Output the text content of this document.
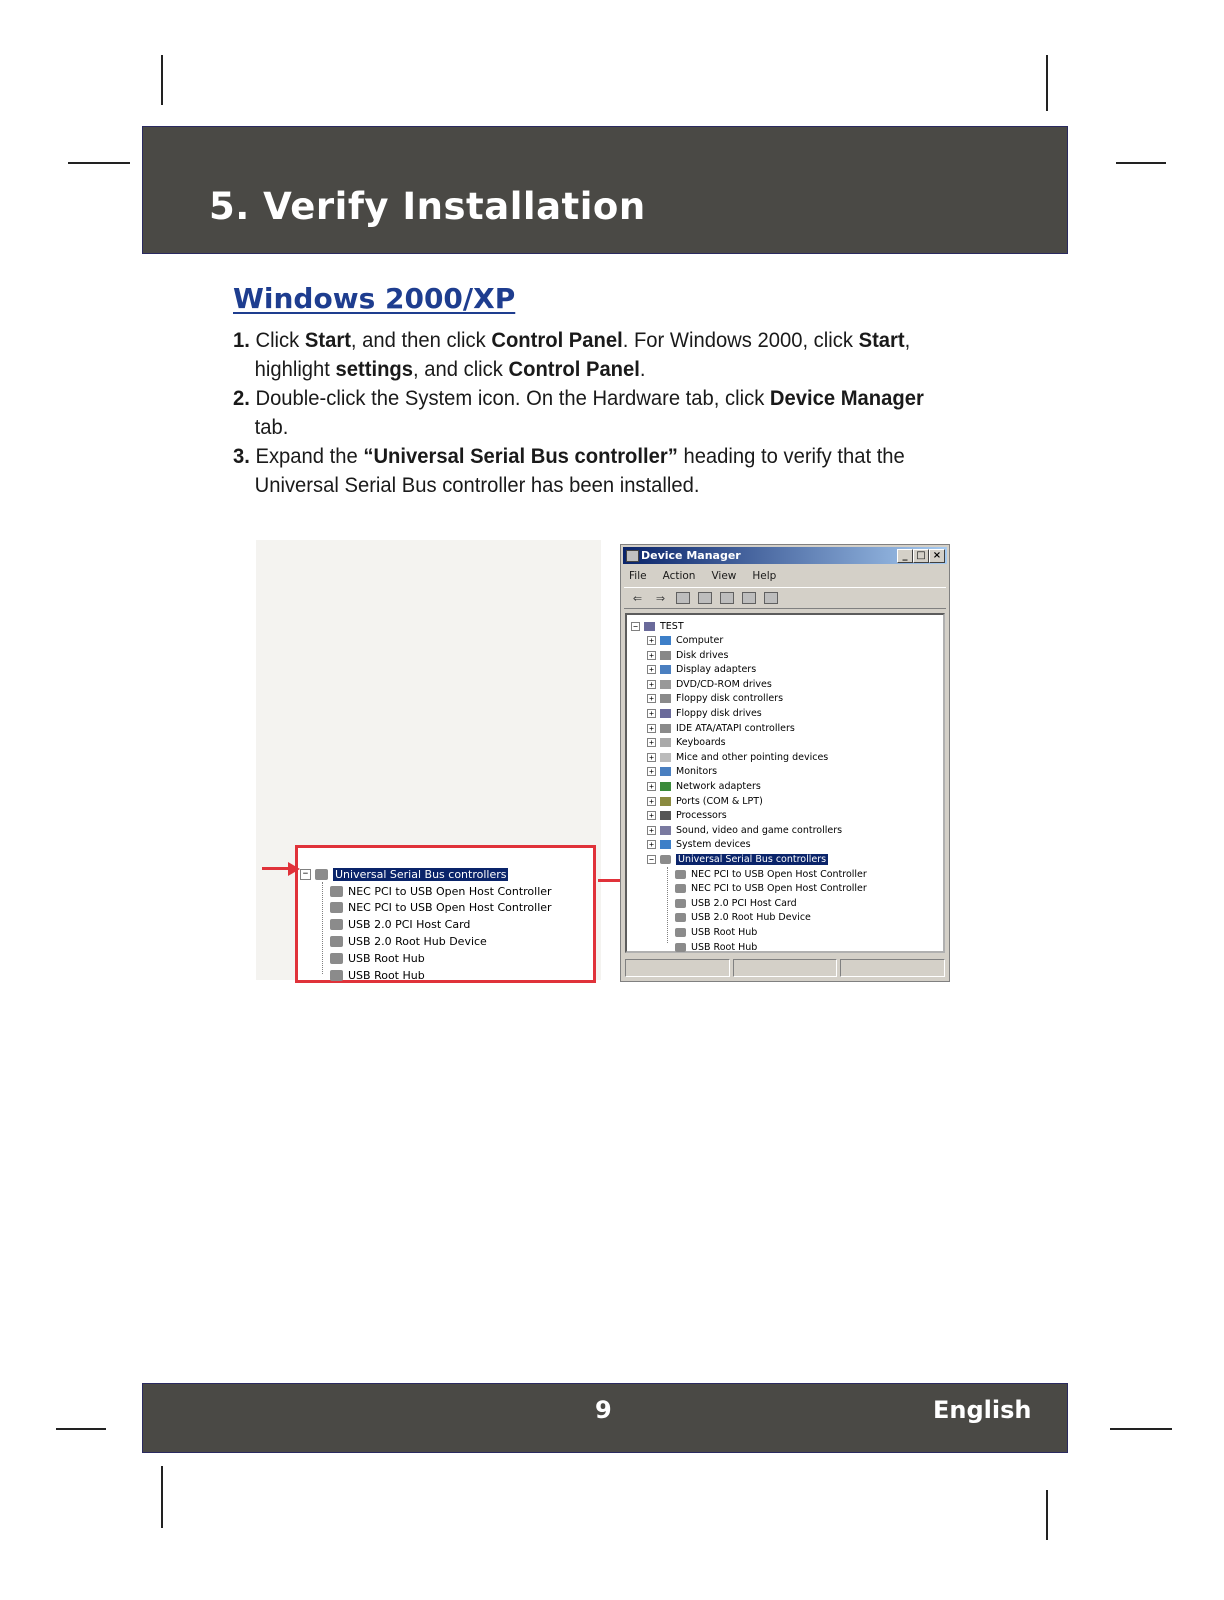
5. Verify Installation
Windows 2000/XP
1. Click Start, and then click Control Panel. For Windows 2000, click Start, highlight settings, and click Control Panel.
2. Double-click the System icon. On the Hardware tab, click Device Manager tab.
3. Expand the “Universal Serial Bus controller” heading to verify that the Universal Serial Bus controller has been installed.
− Universal Serial Bus controllers
NEC PCI to USB Open Host Controller
NEC PCI to USB Open Host Controller
USB 2.0 PCI Host Card
USB 2.0 Root Hub Device
USB Root Hub
USB Root Hub
Device Manager	_ □ ×
File Action View Help
⇐ ⇒
− TEST
+ Computer
+ Disk drives
+ Display adapters
+ DVD/CD-ROM drives
+ Floppy disk controllers
+ Floppy disk drives
+ IDE ATA/ATAPI controllers
+ Keyboards
+ Mice and other pointing devices
+ Monitors
+ Network adapters
+ Ports (COM & LPT)
+ Processors
+ Sound, video and game controllers
+ System devices
−	Universal Serial Bus controllers
NEC PCI to USB Open Host Controller
NEC PCI to USB Open Host Controller
USB 2.0 PCI Host Card
USB 2.0 Root Hub Device
USB Root Hub
USB Root Hub
9	English
